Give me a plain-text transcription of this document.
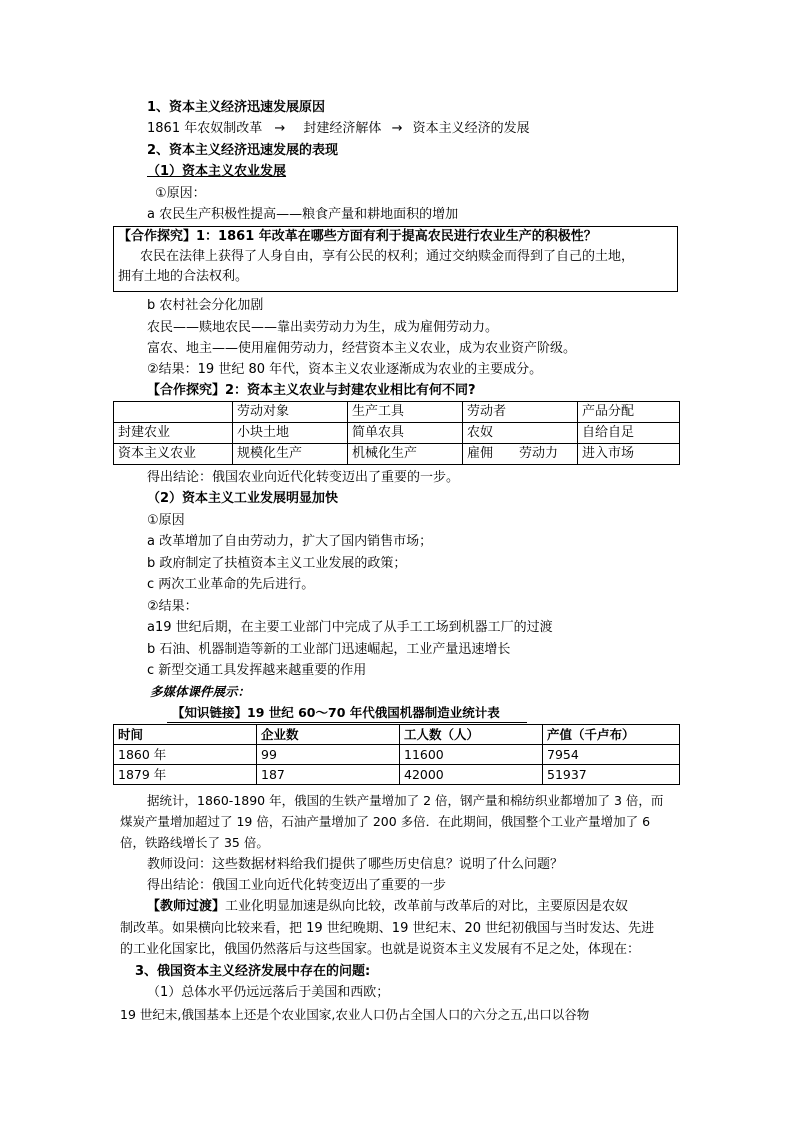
1、资本主义经济迅速发展原因
1861 年农奴制改革 → 封建经济解体 → 资本主义经济的发展
2、资本主义经济迅速发展的表现
（1）资本主义农业发展
①原因：
a 农民生产积极性提高——粮食产量和耕地面积的增加
【合作探究】1：1861 年改革在哪些方面有利于提高农民进行农业生产的积极性？
农民在法律上获得了人身自由，享有公民的权利；通过交纳赎金而得到了自己的土地，
拥有土地的合法权利。
b 农村社会分化加剧
农民——赎地农民——靠出卖劳动力为生，成为雇佣劳动力。
富农、地主——使用雇佣劳动力，经营资本主义农业，成为农业资产阶级。
②结果：19 世纪 80 年代，资本主义农业逐渐成为农业的主要成分。
【合作探究】2：资本主义农业与封建农业相比有何不同?
	劳动对象	生产工具	劳动者	产品分配
封建农业	小块土地	简单农具	农奴	自给自足
资本主义农业	规模化生产	机械化生产	雇佣　　劳动力	进入市场
得出结论：俄国农业向近代化转变迈出了重要的一步。
（2）资本主义工业发展明显加快
①原因
a 改革增加了自由劳动力，扩大了国内销售市场；
b 政府制定了扶植资本主义工业发展的政策；
c 两次工业革命的先后进行。
②结果：
a19 世纪后期，在主要工业部门中完成了从手工工场到机器工厂的过渡
b 石油、机器制造等新的工业部门迅速崛起，工业产量迅速增长
c 新型交通工具发挥越来越重要的作用
多媒体课件展示：
【知识链接】19 世纪 60～70 年代俄国机器制造业统计表
时间	企业数	工人数（人）	产值（千卢布）
1860 年	99	11600	7954
1879 年	187	42000	51937
据统计，1860-1890 年，俄国的生铁产量增加了 2 倍，钢产量和棉纺织业都增加了 3 倍，而
煤炭产量增加超过了 19 倍，石油产量增加了 200 多倍．在此期间，俄国整个工业产量增加了 6
倍，铁路线增长了 35 倍。
教师设问：这些数据材料给我们提供了哪些历史信息？说明了什么问题？
得出结论：俄国工业向近代化转变迈出了重要的一步
【教师过渡】工业化明显加速是纵向比较，改革前与改革后的对比，主要原因是农奴
制改革。如果横向比较来看，把 19 世纪晚期、19 世纪末、20 世纪初俄国与当时发达、先进
的工业化国家比，俄国仍然落后与这些国家。也就是说资本主义发展有不足之处，体现在：
3、俄国资本主义经济发展中存在的问题:
（1）总体水平仍远远落后于美国和西欧；
19 世纪末,俄国基本上还是个农业国家,农业人口仍占全国人口的六分之五,出口以谷物
